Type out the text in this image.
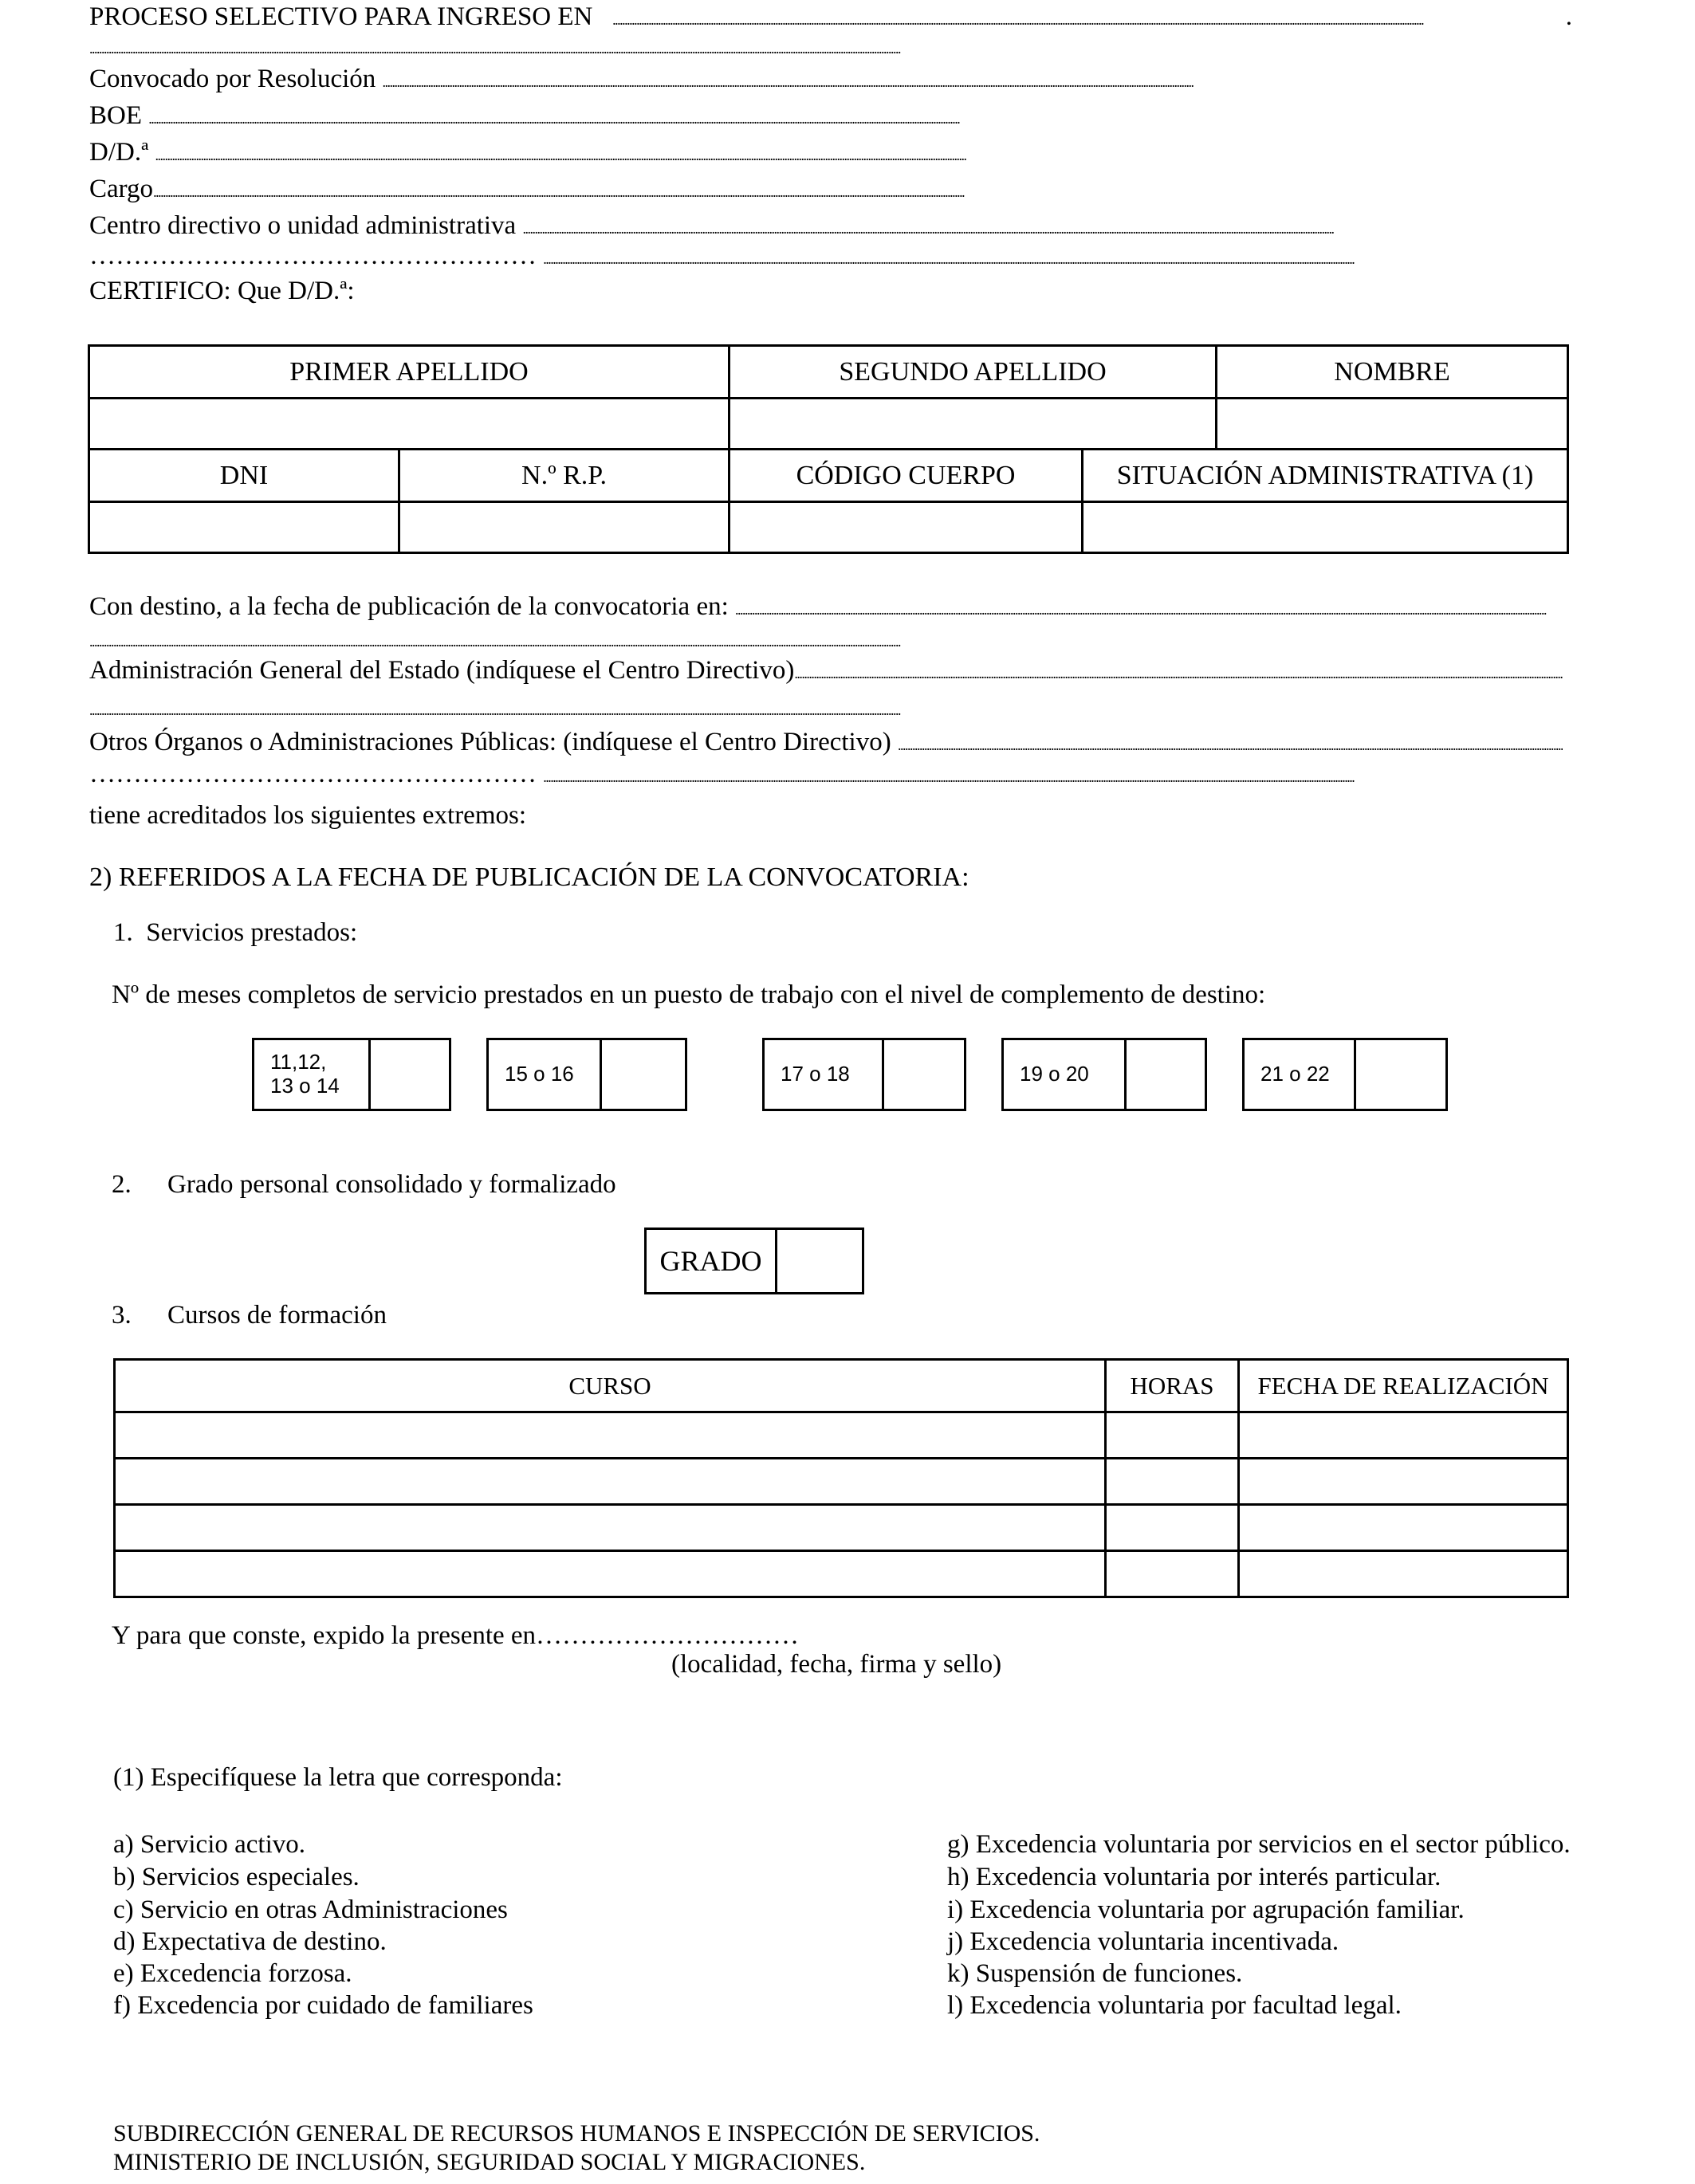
PROCESO SELECTIVO PARA INGRESO EN
. . .	.
. . .
Convocado por Resolución

. . .
BOE

. . .
D/D.ª

. . .
Cargo
. . .
Centro directivo o unidad administrativa

. . .
……………………………………………

. . .
CERTIFICO: Que D/D.ª:
PRIMER APELLIDO	SEGUNDO APELLIDO	NOMBRE

DNI	N.º R.P.	CÓDIGO CUERPO	SITUACIÓN ADMINISTRATIVA (1)

Con destino, a la fecha de publicación de la convocatoria en:

. . .
. . .
Administración General del Estado (indíquese el Centro Directivo)
. . .
. . .
Otros Órganos o Administraciones Públicas: (indíquese el Centro Directivo)

. . .
……………………………………………

. . .
tiene acreditados los siguientes extremos:
2) REFERIDOS A LA FECHA DE PUBLICACIÓN DE LA CONVOCATORIA:
1.  Servicios prestados:
Nº de meses completos de servicio prestados en un puesto de trabajo con el nivel de complemento de destino:
11,12,
13 o 14	15 o 16	17 o 18	19 o 20	21 o 22
2. Grado personal consolidado y formalizado
GRADO
3. Cursos de formación
CURSO	HORAS	FECHA DE REALIZACIÓN

Y para que conste, expido la presente en…………………………
(localidad, fecha, firma y sello)
(1) Especifíquese la letra que corresponda:
a) Servicio activo.
b) Servicios especiales.
c) Servicio en otras Administraciones
d) Expectativa de destino.
e) Excedencia forzosa.
f) Excedencia por cuidado de familiares
g) Excedencia voluntaria por servicios en el sector público.
h) Excedencia voluntaria por interés particular.
i) Excedencia voluntaria por agrupación familiar.
j) Excedencia voluntaria incentivada.
k) Suspensión de funciones.
l) Excedencia voluntaria por facultad legal.
SUBDIRECCIÓN GENERAL DE RECURSOS HUMANOS E INSPECCIÓN DE SERVICIOS.
MINISTERIO DE INCLUSIÓN, SEGURIDAD SOCIAL Y MIGRACIONES.
